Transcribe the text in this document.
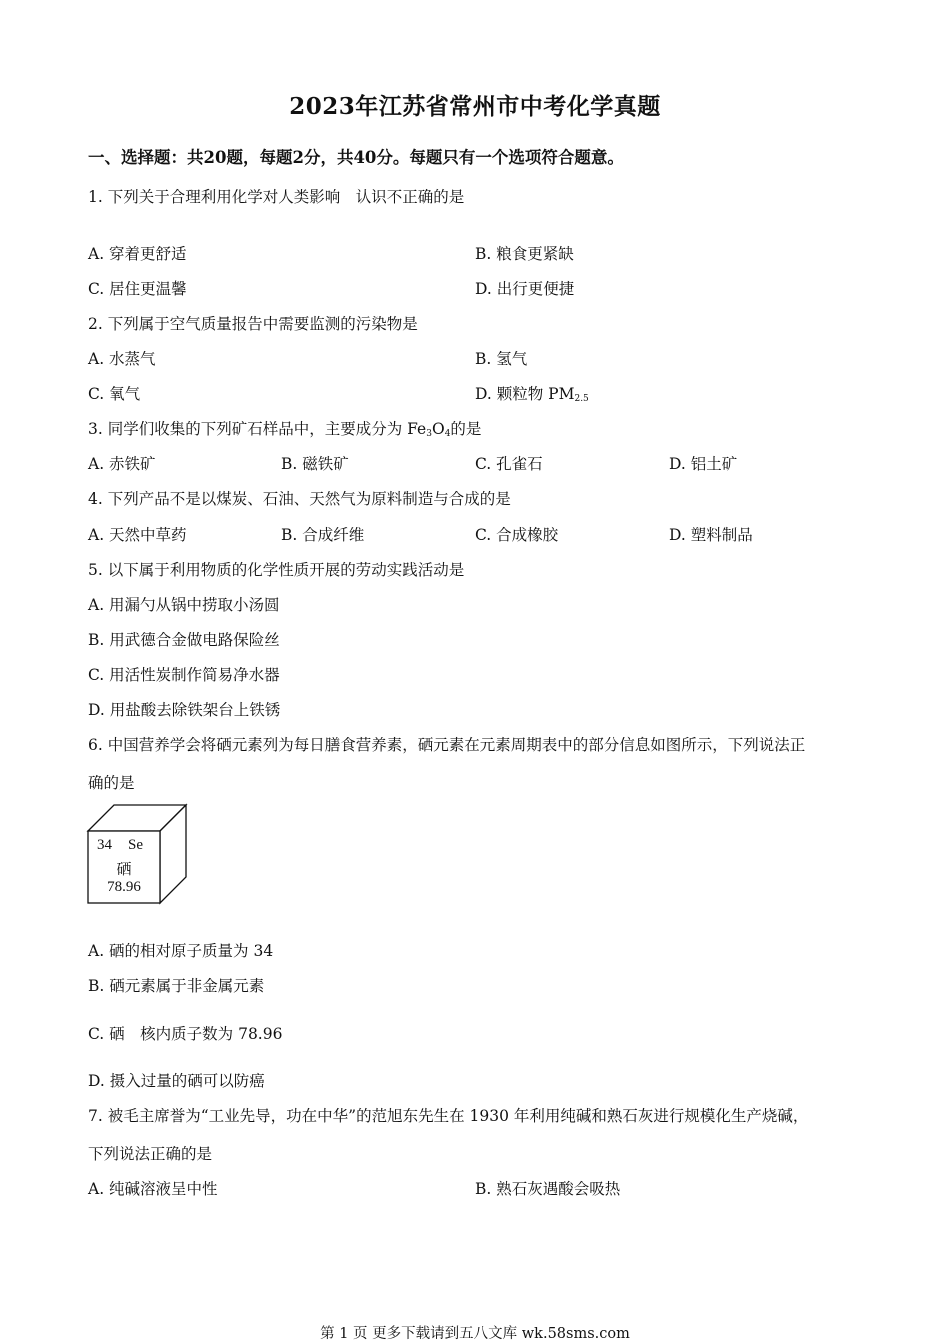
2023年江苏省常州市中考化学真题
一、选择题：共20题，每题2分，共40分。每题只有一个选项符合题意。
1. 下列关于合理利用化学对人类影响　认识不正确的是
A. 穿着更舒适	B. 粮食更紧缺
C. 居住更温馨	D. 出行更便捷
2. 下列属于空气质量报告中需要监测的污染物是
A. 水蒸气	B. 氢气
C. 氧气	D. 颗粒物 $PM_{2.5}$
3. 同学们收集的下列矿石样品中，主要成分为 $Fe_3O_4$的是
A. 赤铁矿	B. 磁铁矿	C. 孔雀石	D. 铝土矿
4. 下列产品不是以煤炭、石油、天然气为原料制造与合成的是
A. 天然中草药	B. 合成纤维	C. 合成橡胶	D. 塑料制品
5. 以下属于利用物质的化学性质开展的劳动实践活动是
A. 用漏勺从锅中捞取小汤圆
B. 用武德合金做电路保险丝
C. 用活性炭制作简易净水器
D. 用盐酸去除铁架台上铁锈
6. 中国营养学会将硒元素列为每日膳食营养素，硒元素在元素周期表中的部分信息如图所示，下列说法正
确的是
34 Se
硒
78.96
A. 硒的相对原子质量为 34
B. 硒元素属于非金属元素
C. 硒　核内质子数为 78.96
D. 摄入过量的硒可以防癌
7. 被毛主席誉为“工业先导，功在中华”的范旭东先生在 1930 年利用纯碱和熟石灰进行规模化生产烧碱，
下列说法正确的是
A. 纯碱溶液呈中性	B. 熟石灰遇酸会吸热
第 1 页 更多下载请到五八文库 wk.58sms.com
